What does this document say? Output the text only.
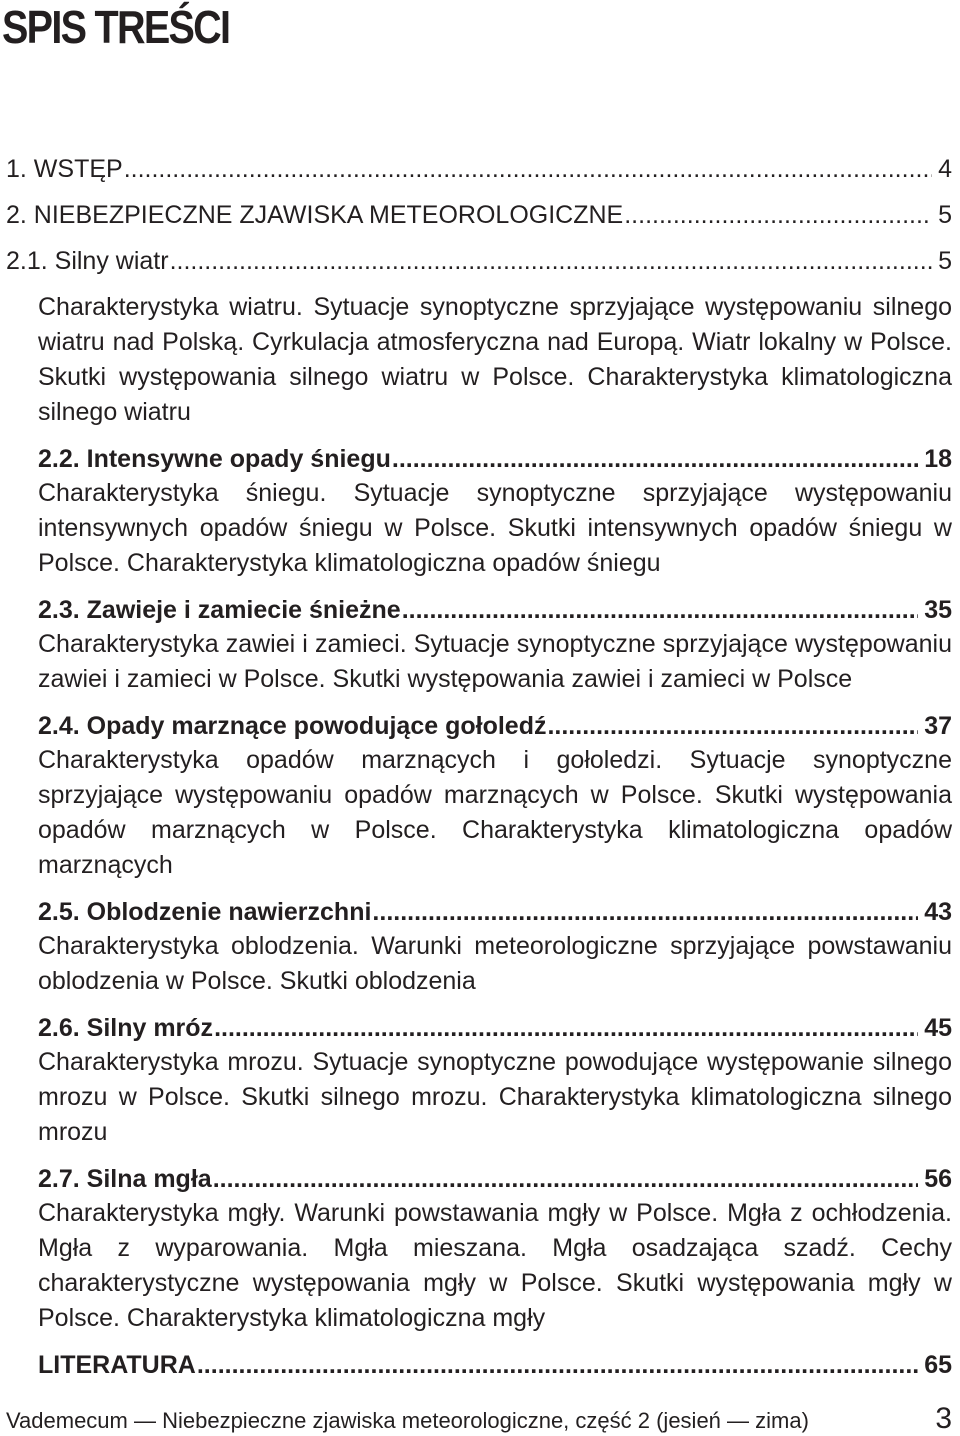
SPIS TREŚCI
1. WSTĘP .....	4
2. NIEBEZPIECZNE ZJAWISKA METEOROLOGICZNE .....	5
2.1. Silny wiatr .....	5
Charakterystyka wiatru. Sytuacje synoptyczne sprzyjające występowaniu silnego wiatru nad Polską. Cyrkulacja atmosferyczna nad Europą. Wiatr lokalny w Polsce. Skutki występowania silnego wiatru w Polsce. Charakterystyka klimatologiczna silnego wiatru
2.2. Intensywne opady śniegu .....	18
Charakterystyka śniegu. Sytuacje synoptyczne sprzyjające występowaniu intensywnych opadów śniegu w Polsce. Skutki intensywnych opadów śniegu w Polsce. Charakterystyka klimatologiczna opadów śniegu
2.3. Zawieje i zamiecie śnieżne .....	35
Charakterystyka zawiei i zamieci. Sytuacje synoptyczne sprzyjające występowaniu zawiei i zamieci w Polsce. Skutki występowania zawiei i zamieci w Polsce
2.4. Opady marznące powodujące gołoledź .....	37
Charakterystyka opadów marznących i gołoledzi. Sytuacje synoptyczne sprzyjające występowaniu opadów marznących w Polsce. Skutki występowania opadów marznących w Polsce. Charakterystyka klimatologiczna opadów marznących
2.5. Oblodzenie nawierzchni .....	43
Charakterystyka oblodzenia. Warunki meteorologiczne sprzyjające powstawaniu oblodzenia w Polsce. Skutki oblodzenia
2.6. Silny mróz .....	45
Charakterystyka mrozu. Sytuacje synoptyczne powodujące występowanie silnego mrozu w Polsce. Skutki silnego mrozu. Charakterystyka klimatologiczna silnego mrozu
2.7. Silna mgła .....	56
Charakterystyka mgły. Warunki powstawania mgły w Polsce. Mgła z ochłodzenia. Mgła z wyparowania. Mgła mieszana. Mgła osadzająca szadź. Cechy charakterystyczne występowania mgły w Polsce. Skutki występowania mgły w Polsce. Charakterystyka klimatologiczna mgły
LITERATURA .....	65
Vademecum — Niebezpieczne zjawiska meteorologiczne, część 2 (jesień — zima)	3
